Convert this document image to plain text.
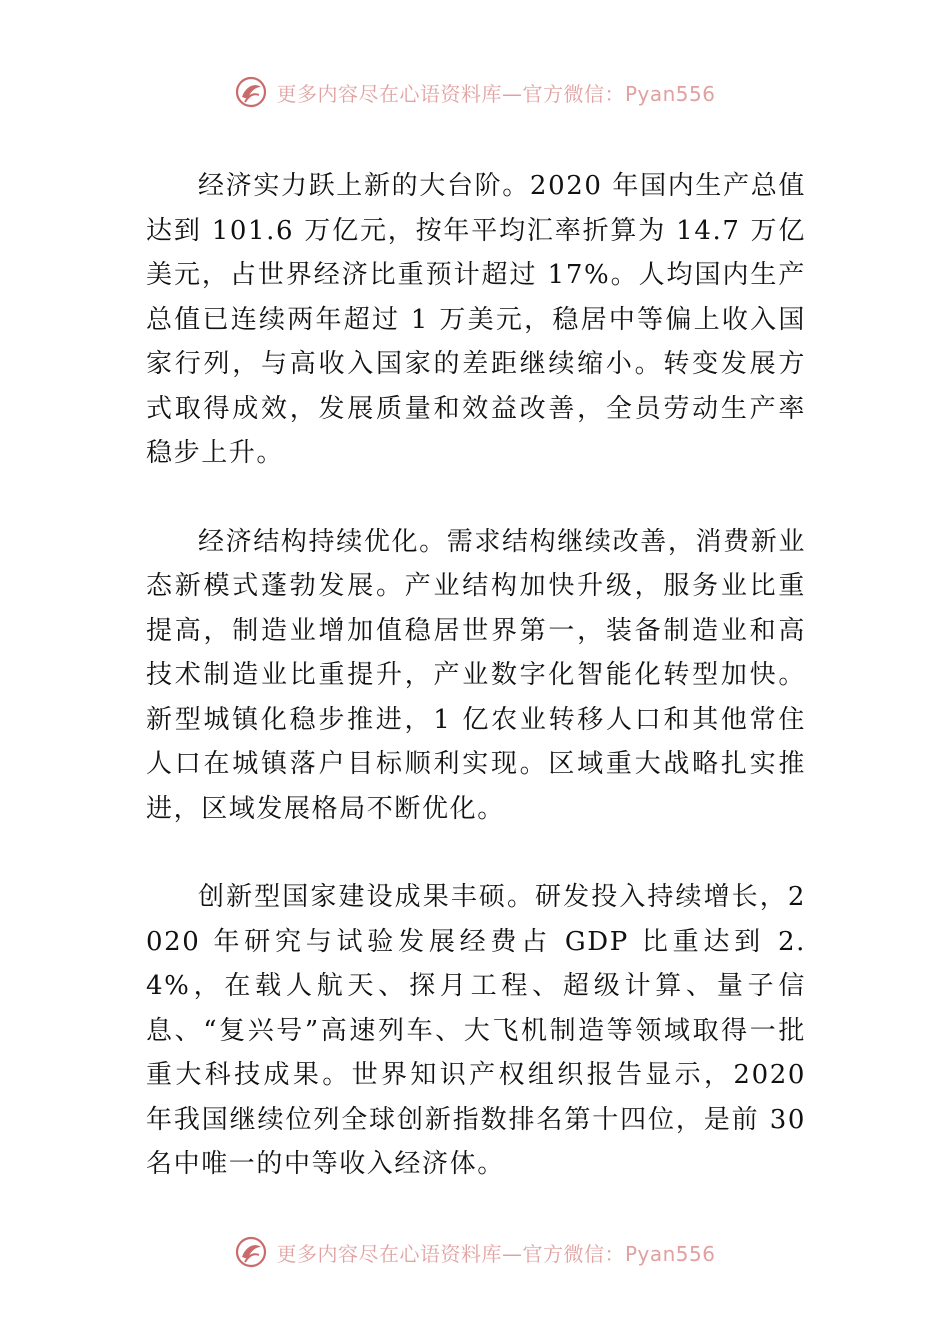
更多内容尽在心语资料库—官方微信：Pyan556

经济实力跃上新的大台阶。2020 年国内生产总值达到 101.6 万亿元，按年平均汇率折算为 14.7 万亿美元，占世界经济比重预计超过 17%。人均国内生产总值已连续两年超过 1 万美元，稳居中等偏上收入国家行列，与高收入国家的差距继续缩小。转变发展方式取得成效，发展质量和效益改善，全员劳动生产率稳步上升。

经济结构持续优化。需求结构继续改善，消费新业态新模式蓬勃发展。产业结构加快升级，服务业比重提高，制造业增加值稳居世界第一，装备制造业和高技术制造业比重提升，产业数字化智能化转型加快。新型城镇化稳步推进，1 亿农业转移人口和其他常住人口在城镇落户目标顺利实现。区域重大战略扎实推进，区域发展格局不断优化。

创新型国家建设成果丰硕。研发投入持续增长，2020 年研究与试验发展经费占 GDP 比重达到 2.4%，在载人航天、探月工程、超级计算、量子信息、“复兴号”高速列车、大飞机制造等领域取得一批重大科技成果。世界知识产权组织报告显示，2020 年我国继续位列全球创新指数排名第十四位，是前 30 名中唯一的中等收入经济体。

更多内容尽在心语资料库—官方微信：Pyan556
